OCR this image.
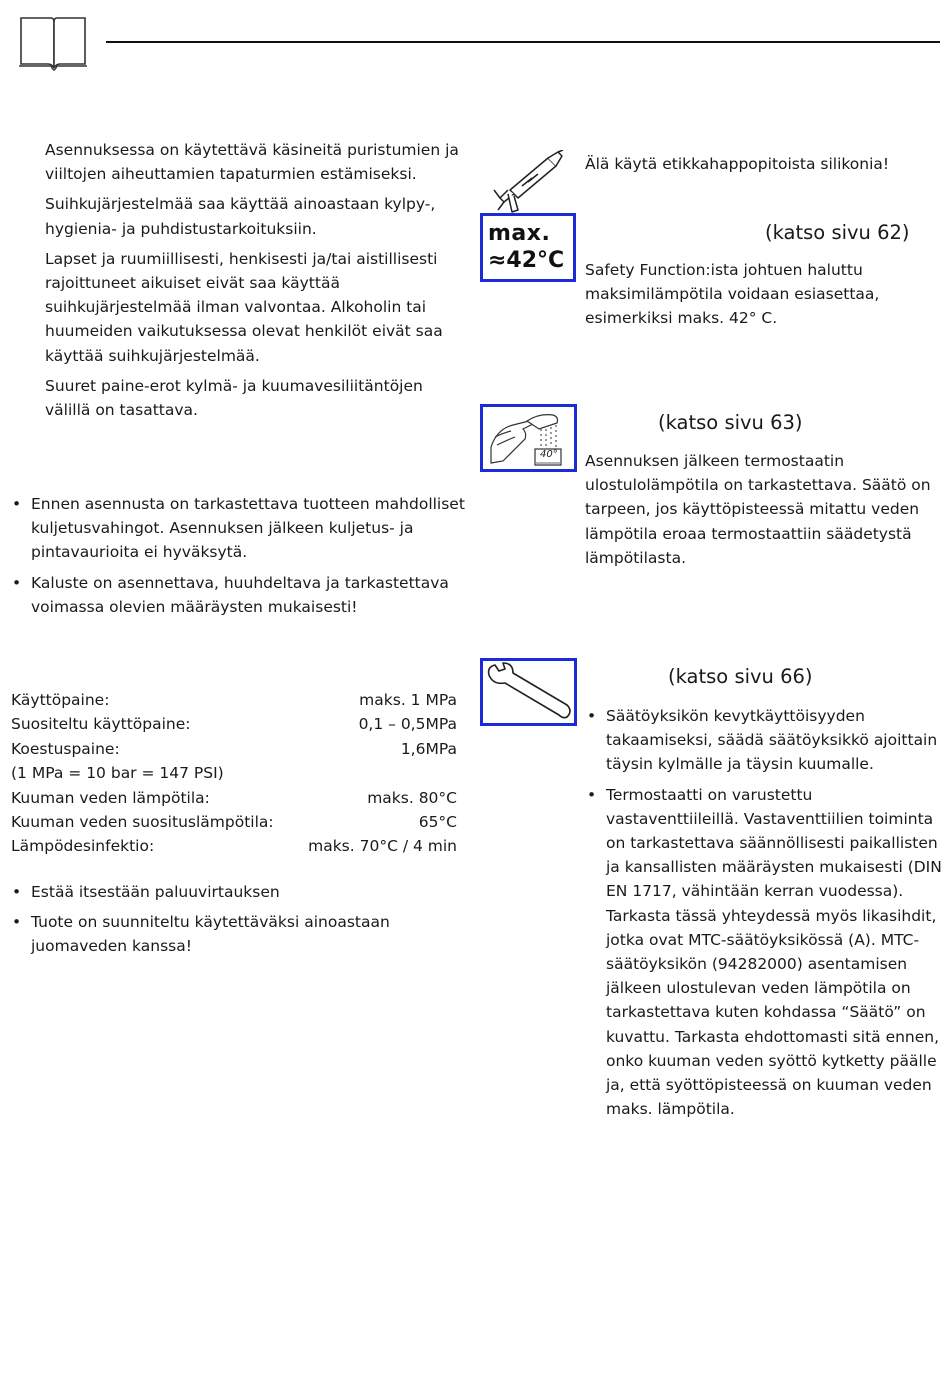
Asennuksessa on käytettävä käsineitä puristumien ja viiltojen aiheuttamien tapaturmien estämiseksi.

Suihkujärjestelmää saa käyttää ainoastaan kylpy-, hygienia- ja puhdistustarkoituksiin.

Lapset ja ruumiillisesti, henkisesti ja/tai aistillisesti rajoittuneet aikuiset eivät saa käyttää suihkujärjestelmää ilman valvontaa. Alkoholin tai huumeiden vaikutuksessa olevat henkilöt eivät saa käyttää suihkujärjestelmää.

Suuret paine-erot kylmä- ja kuumavesiliitäntöjen välillä on tasattava.

• Ennen asennusta on tarkastettava tuotteen mahdolliset kuljetusvahingot. Asennuksen jälkeen kuljetus- ja pintavaurioita ei hyväksytä.
• Kaluste on asennettava, huuhdeltava ja tarkastettava voimassa olevien määräysten mukaisesti!
Käyttöpaine:	maks. 1 MPa
Suositeltu käyttöpaine:	0,1 – 0,5MPa
Koestuspaine:	1,6MPa
(1 MPa = 10 bar = 147 PSI)
Kuuman veden lämpötila:	maks. 80°C
Kuuman veden suosituslämpötila:	65°C
Lämpödesinfektio:	maks. 70°C / 4 min
• Estää itsestään paluuvirtauksen
• Tuote on suunniteltu käytettäväksi ainoastaan juomaveden kanssa!
Älä käytä etikkahappopitoista silikonia!
max.
≈42°C
(katso sivu 62)
Safety Function:ista johtuen haluttu maksimilämpötila voidaan esiasettaa, esimerkiksi maks. 42° C.
40°
(katso sivu 63)
Asennuksen jälkeen termostaatin ulostulolämpötila on tarkastettava. Säätö on tarpeen, jos käyttöpisteessä mitattu veden lämpötila eroaa termostaattiin säädetystä lämpötilasta.
(katso sivu 66)
• Säätöyksikön kevytkäyttöisyyden takaamiseksi, säädä säätöyksikkö ajoittain täysin kylmälle ja täysin kuumalle.
• Termostaatti on varustettu vastaventtiileillä. Vastaventtiilien toiminta on tarkastettava säännöllisesti paikallisten ja kansallisten määräysten mukaisesti (DIN EN 1717, vähintään kerran vuodessa).
Tarkasta tässä yhteydessä myös likasihdit, jotka ovat MTC-säätöyksikössä (A). MTC-säätöyksikön (94282000) asentamisen jälkeen ulostulevan veden lämpötila on tarkastettava kuten kohdassa “Säätö” on kuvattu. Tarkasta ehdottomasti sitä ennen, onko kuuman veden syöttö kytketty päälle ja, että syöttöpisteessä on kuuman veden maks. lämpötila.
